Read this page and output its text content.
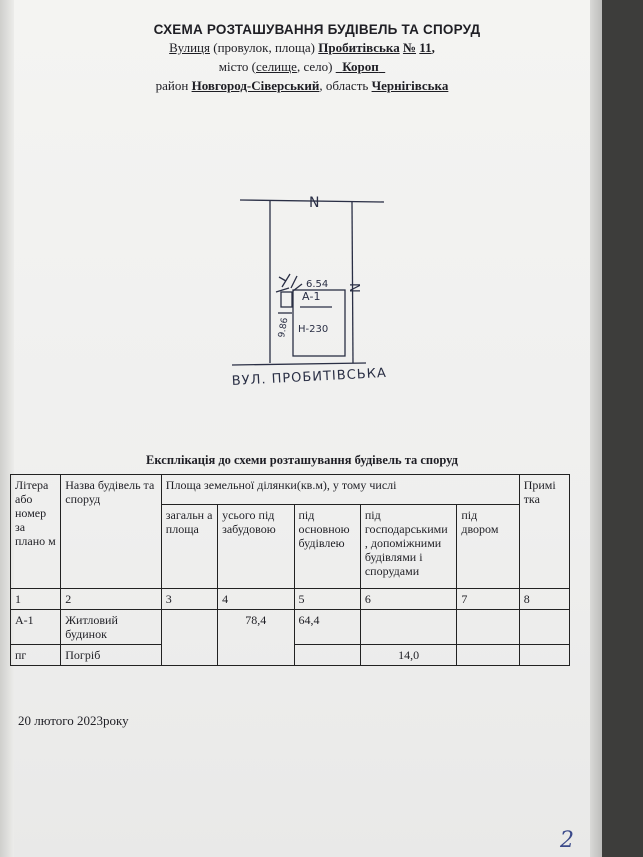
СХЕМА РОЗТАШУВАННЯ БУДІВЕЛЬ ТА СПОРУД

Вулиця (провулок, площа) Пробитівська № 11,
місто (селище, село) Короп
район Новгород-Сіверський, область Чернігівська
N
N
6.54
А-1
Н-230
9.86
ВУЛ. ПРОБИТІВСЬКА
Експлікація до схеми розташування будівель та споруд
Літера або номер за плано м	Назва будівель та споруд	Площа земельної ділянки(кв.м), у тому числі					Примі тка
		загальн а площа	усього під забудовою	під основною будівлею	під господарськими , допоміжними будівлями і спорудами	під двором	
1	2	3	4	5	6	7	8
А-1	Житловий будинок		78,4	64,4			
пг	Погріб				14,0		
20 лютого 2023року
2
